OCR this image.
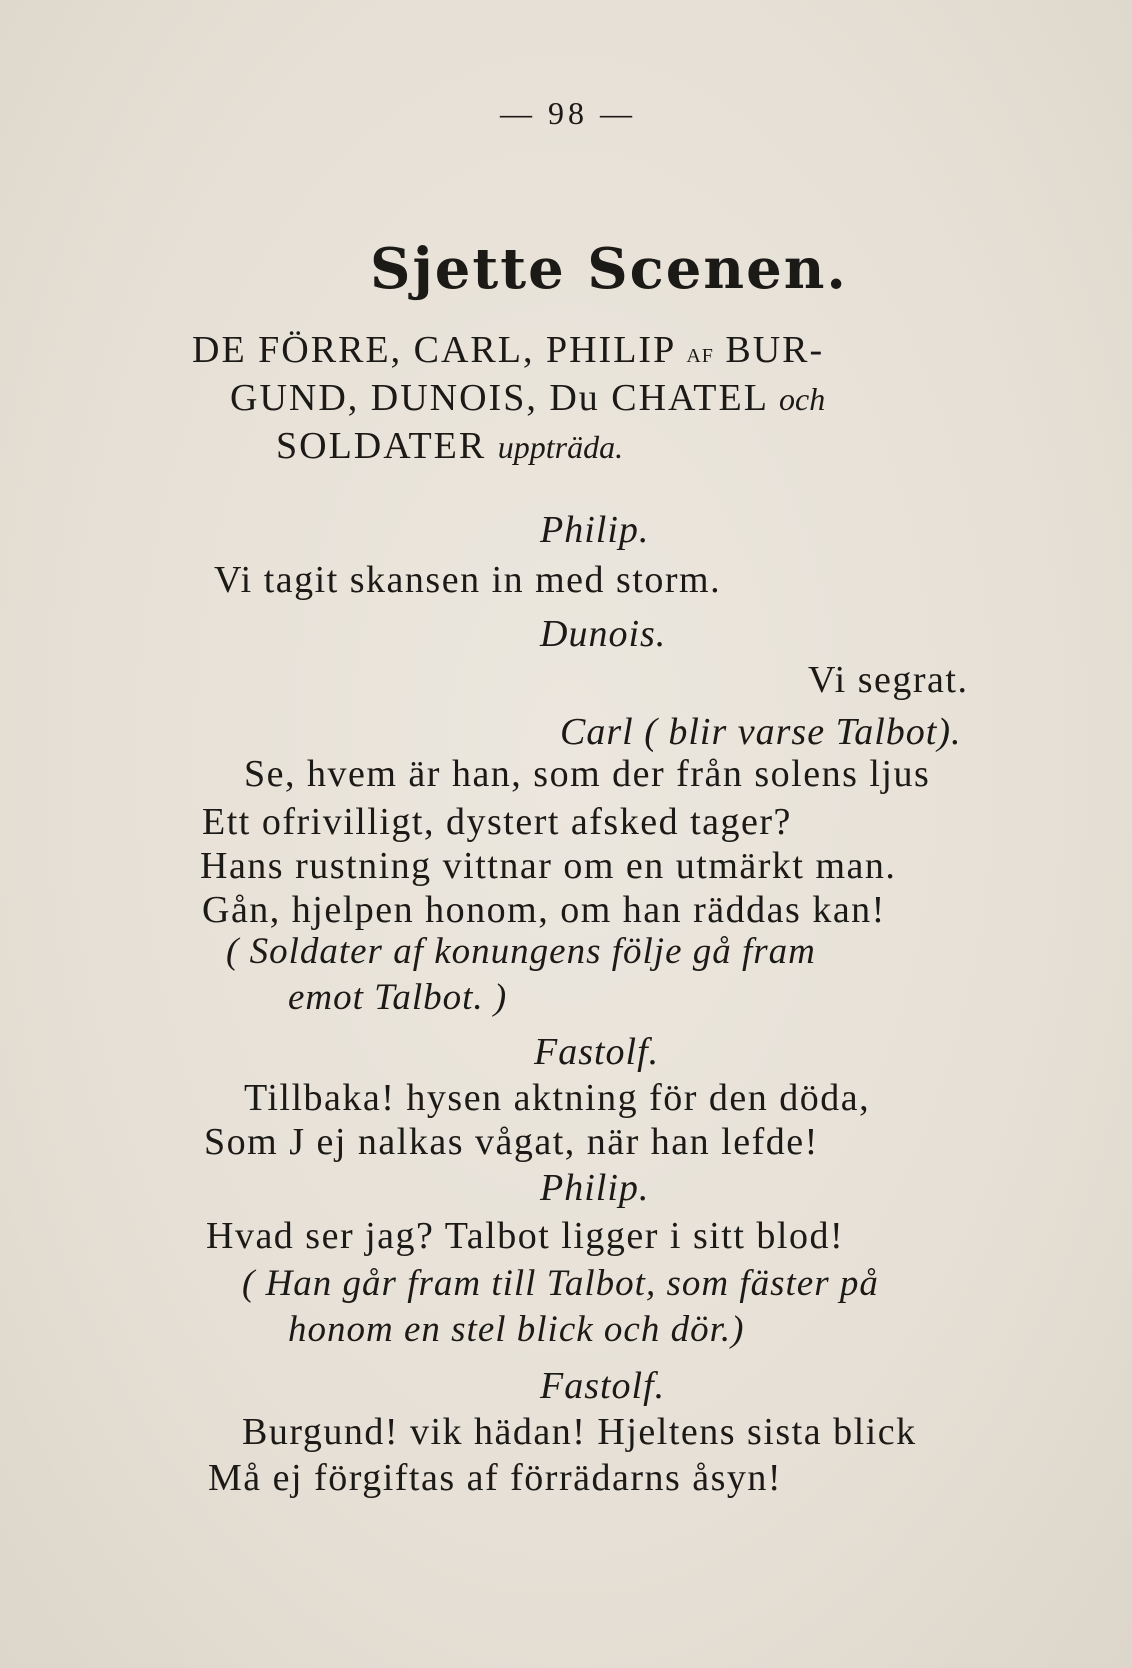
— 98 —
Sjette Scenen.
DE FÖRRE, CARL, PHILIP AF BUR-
GUND, DUNOIS, Du CHATEL och
SOLDATER uppträda.
Philip.
Vi tagit skansen in med storm.
Dunois.
Vi segrat.
Carl ( blir varse Talbot).
Se, hvem är han, som der från solens ljus
Ett ofrivilligt, dystert afsked tager?
Hans rustning vittnar om en utmärkt man.
Gån, hjelpen honom, om han räddas kan!
( Soldater af konungens följe gå fram
emot Talbot. )
Fastolf.
Tillbaka! hysen aktning för den döda,
Som J ej nalkas vågat, när han lefde!
Philip.
Hvad ser jag? Talbot ligger i sitt blod!
( Han går fram till Talbot, som fäster på
honom en stel blick och dör.)
Fastolf.
Burgund! vik hädan! Hjeltens sista blick
Må ej förgiftas af förrädarns åsyn!
